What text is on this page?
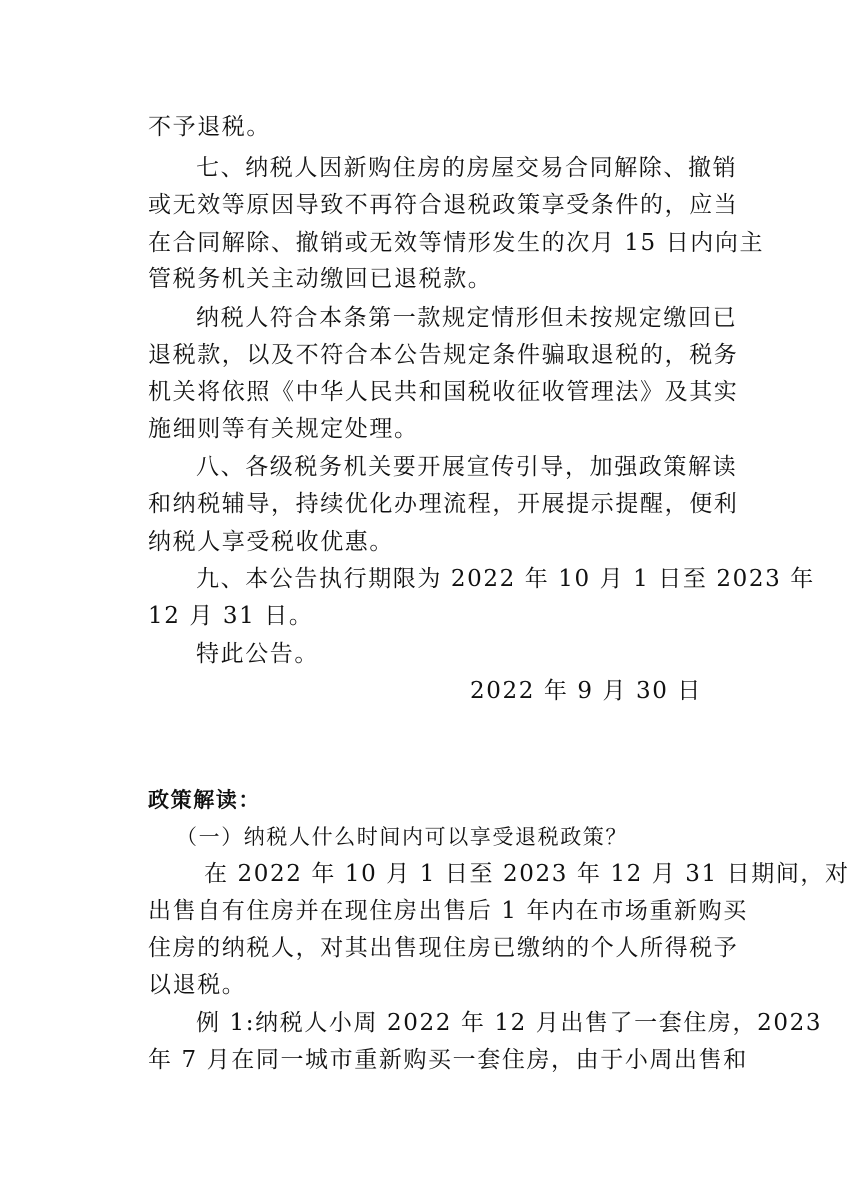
不予退税。
七、纳税人因新购住房的房屋交易合同解除、撤销
或无效等原因导致不再符合退税政策享受条件的，应当
在合同解除、撤销或无效等情形发生的次月 15 日内向主
管税务机关主动缴回已退税款。
纳税人符合本条第一款规定情形但未按规定缴回已
退税款，以及不符合本公告规定条件骗取退税的，税务
机关将依照《中华人民共和国税收征收管理法》及其实
施细则等有关规定处理。
八、各级税务机关要开展宣传引导，加强政策解读
和纳税辅导，持续优化办理流程，开展提示提醒，便利
纳税人享受税收优惠。
九、本公告执行期限为 2022 年 10 月 1 日至 2023 年
12 月 31 日。
特此公告。
2022 年 9 月 30 日
政策解读：
（一）纳税人什么时间内可以享受退税政策？
在 2022 年 10 月 1 日至 2023 年 12 月 31 日期间，对
出售自有住房并在现住房出售后 1 年内在市场重新购买
住房的纳税人，对其出售现住房已缴纳的个人所得税予
以退税。
例 1:纳税人小周 2022 年 12 月出售了一套住房，2023
年 7 月在同一城市重新购买一套住房，由于小周出售和
